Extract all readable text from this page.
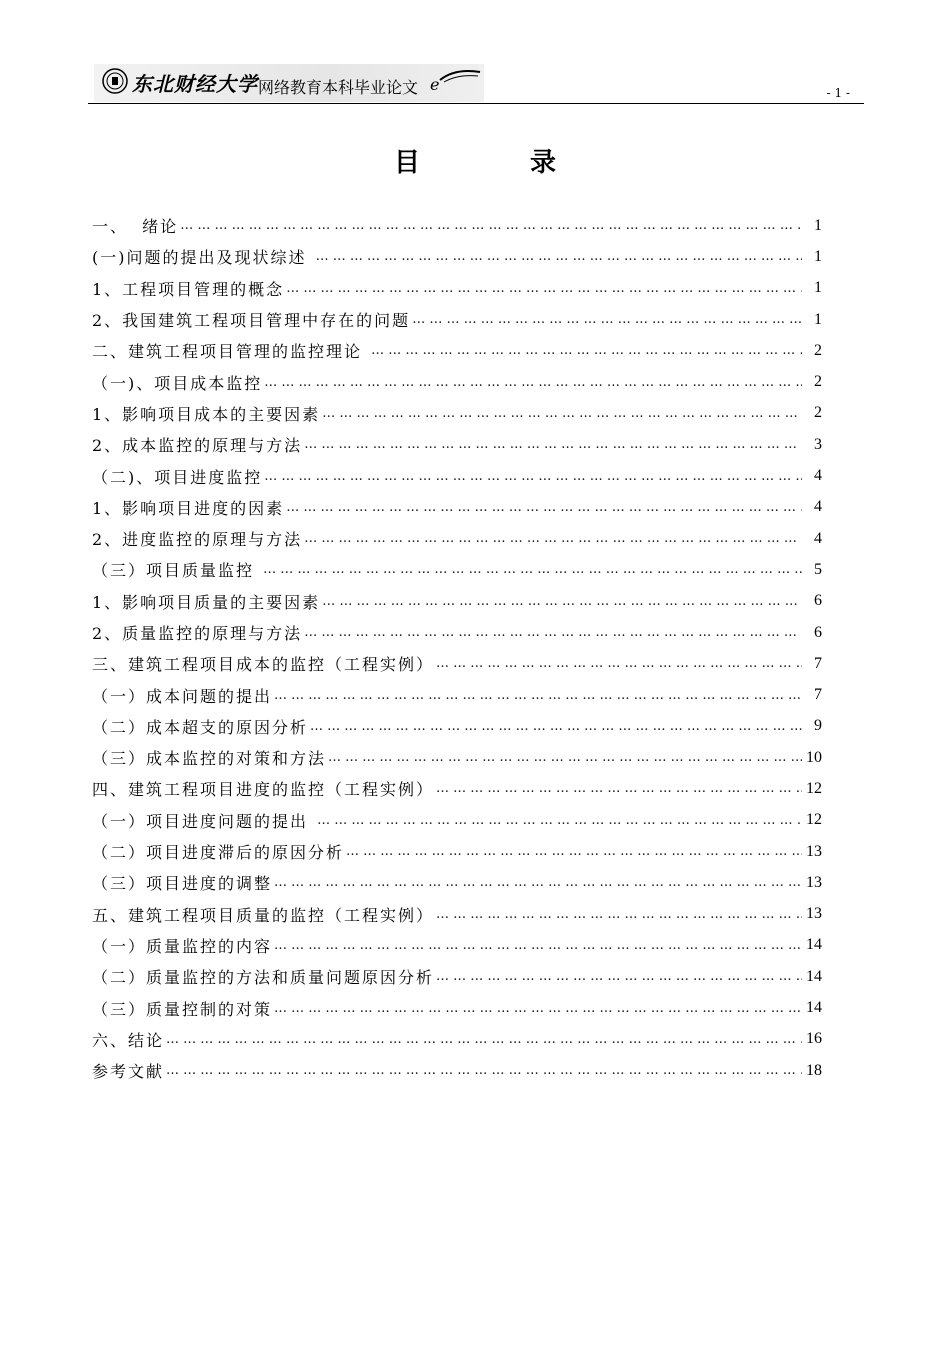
东北财经大学 网络教育本科毕业论文 e	- 1 -
目	录
一、  绪论 … … … … … … … … … … … … … … … … … … … … … … … … … … … … … … … … … … … … … … … … … … … … … … … … … … … … … … … … … …	1
(一)问题的提出及现状综述 … … … … … … … … … … … … … … … … … … … … … … … … … … … … … … … … … … … … … … … … … … … … … … … … … … … … … … … … … …	1
1、工程项目管理的概念 … … … … … … … … … … … … … … … … … … … … … … … … … … … … … … … … … … … … … … … … … … … … … … … … … … … … … … … … … …	1
2、我国建筑工程项目管理中存在的问题 … … … … … … … … … … … … … … … … … … … … … … … … … … … … … … … … … … … … … … … … … … … … … … … … … … … … … … … … … …	1
二、建筑工程项目管理的监控理论 … … … … … … … … … … … … … … … … … … … … … … … … … … … … … … … … … … … … … … … … … … … … … … … … … … … … … … … … … …	2
（一)、项目成本监控 … … … … … … … … … … … … … … … … … … … … … … … … … … … … … … … … … … … … … … … … … … … … … … … … … … … … … … … … … …	2
1、影响项目成本的主要因素 … … … … … … … … … … … … … … … … … … … … … … … … … … … … … … … … … … … … … … … … … … … … … … … … … … … … … … … … … …	2
2、成本监控的原理与方法 … … … … … … … … … … … … … … … … … … … … … … … … … … … … … … … … … … … … … … … … … … … … … … … … … … … … … … … … … …	3
（二)、项目进度监控 … … … … … … … … … … … … … … … … … … … … … … … … … … … … … … … … … … … … … … … … … … … … … … … … … … … … … … … … … …	4
1、影响项目进度的因素 … … … … … … … … … … … … … … … … … … … … … … … … … … … … … … … … … … … … … … … … … … … … … … … … … … … … … … … … … …	4
2、进度监控的原理与方法 … … … … … … … … … … … … … … … … … … … … … … … … … … … … … … … … … … … … … … … … … … … … … … … … … … … … … … … … … …	4
（三）项目质量监控 … … … … … … … … … … … … … … … … … … … … … … … … … … … … … … … … … … … … … … … … … … … … … … … … … … … … … … … … … …	5
1、影响项目质量的主要因素 … … … … … … … … … … … … … … … … … … … … … … … … … … … … … … … … … … … … … … … … … … … … … … … … … … … … … … … … … …	6
2、质量监控的原理与方法 … … … … … … … … … … … … … … … … … … … … … … … … … … … … … … … … … … … … … … … … … … … … … … … … … … … … … … … … … …	6
三、建筑工程项目成本的监控（工程实例） … … … … … … … … … … … … … … … … … … … … … … … … … … … … … … … … … … … … … … … … … … … … … … … … … … … … … … … … … …	7
（一）成本问题的提出 … … … … … … … … … … … … … … … … … … … … … … … … … … … … … … … … … … … … … … … … … … … … … … … … … … … … … … … … … …	7
（二）成本超支的原因分析 … … … … … … … … … … … … … … … … … … … … … … … … … … … … … … … … … … … … … … … … … … … … … … … … … … … … … … … … … …	9
（三）成本监控的对策和方法 … … … … … … … … … … … … … … … … … … … … … … … … … … … … … … … … … … … … … … … … … … … … … … … … … … … … … … … … … …	10
四、建筑工程项目进度的监控（工程实例） … … … … … … … … … … … … … … … … … … … … … … … … … … … … … … … … … … … … … … … … … … … … … … … … … … … … … … … … … …	12
（一）项目进度问题的提出 … … … … … … … … … … … … … … … … … … … … … … … … … … … … … … … … … … … … … … … … … … … … … … … … … … … … … … … … … …	12
（二）项目进度滞后的原因分析 … … … … … … … … … … … … … … … … … … … … … … … … … … … … … … … … … … … … … … … … … … … … … … … … … … … … … … … … … …	13
（三）项目进度的调整 … … … … … … … … … … … … … … … … … … … … … … … … … … … … … … … … … … … … … … … … … … … … … … … … … … … … … … … … … …	13
五、建筑工程项目质量的监控（工程实例） … … … … … … … … … … … … … … … … … … … … … … … … … … … … … … … … … … … … … … … … … … … … … … … … … … … … … … … … … …	13
（一）质量监控的内容 … … … … … … … … … … … … … … … … … … … … … … … … … … … … … … … … … … … … … … … … … … … … … … … … … … … … … … … … … …	14
（二）质量监控的方法和质量问题原因分析 … … … … … … … … … … … … … … … … … … … … … … … … … … … … … … … … … … … … … … … … … … … … … … … … … … … … … … … … … …	14
（三）质量控制的对策 … … … … … … … … … … … … … … … … … … … … … … … … … … … … … … … … … … … … … … … … … … … … … … … … … … … … … … … … … …	14
六、结论 … … … … … … … … … … … … … … … … … … … … … … … … … … … … … … … … … … … … … … … … … … … … … … … … … … … … … … … … … …	16
参考文献 … … … … … … … … … … … … … … … … … … … … … … … … … … … … … … … … … … … … … … … … … … … … … … … … … … … … … … … … … …	18
